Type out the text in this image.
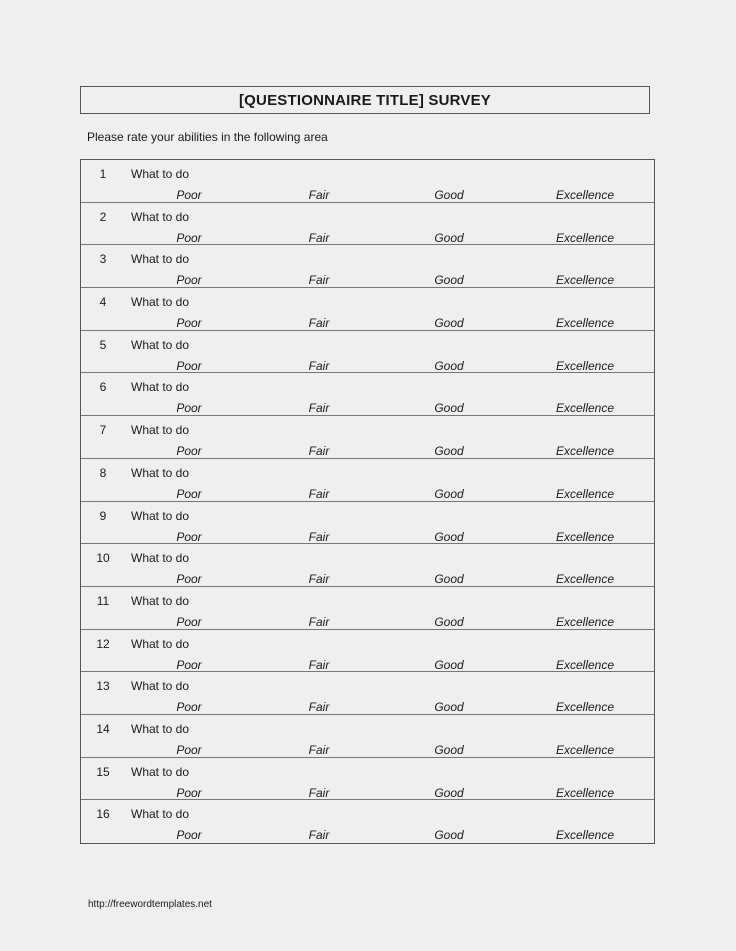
[QUESTIONNAIRE TITLE] SURVEY
Please rate your abilities in the following area
1	What to do
Poor	Fair	Good	Excellence
2	What to do
Poor	Fair	Good	Excellence
3	What to do
Poor	Fair	Good	Excellence
4	What to do
Poor	Fair	Good	Excellence
5	What to do
Poor	Fair	Good	Excellence
6	What to do
Poor	Fair	Good	Excellence
7	What to do
Poor	Fair	Good	Excellence
8	What to do
Poor	Fair	Good	Excellence
9	What to do
Poor	Fair	Good	Excellence
10 What to do
Poor	Fair	Good	Excellence
11 What to do
Poor	Fair	Good	Excellence
12 What to do
Poor	Fair	Good	Excellence
13 What to do
Poor	Fair	Good	Excellence
14 What to do
Poor	Fair	Good	Excellence
15 What to do
Poor	Fair	Good	Excellence
16 What to do
Poor	Fair	Good	Excellence
http://freewordtemplates.net
